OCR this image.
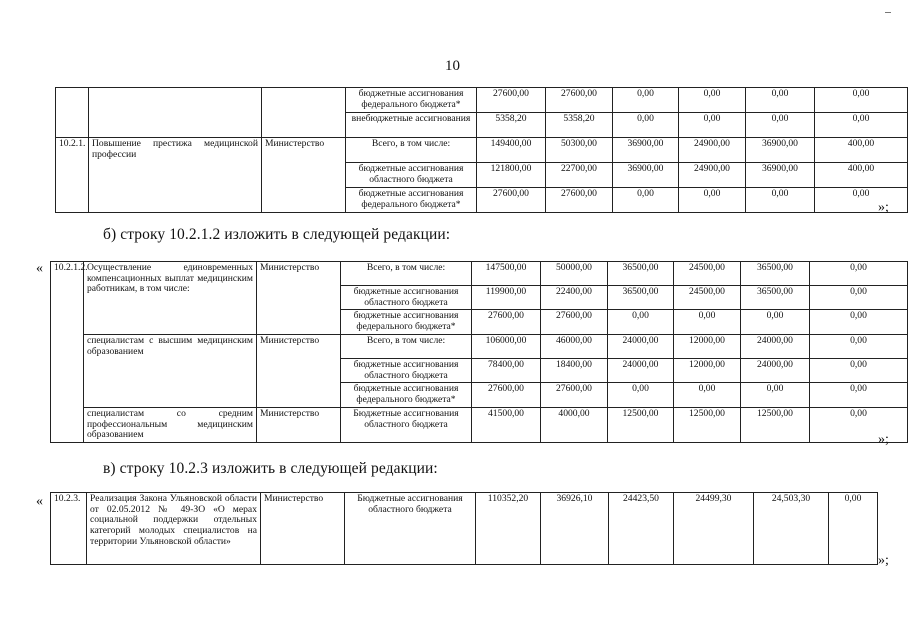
10
			бюджетные ассигнования федерального бюджета*	27600,00	27600,00	0,00	0,00	0,00	0,00
			внебюджетные ассигнования	5358,20	5358,20	0,00	0,00	0,00	0,00
10.2.1.	Повышение престижа медицинской профессии	Министерство	Всего, в том числе:	149400,00	50300,00	36900,00	24900,00	36900,00	400,00
			бюджетные ассигнования областного бюджета	121800,00	22700,00	36900,00	24900,00	36900,00	400,00
			бюджетные ассигнования федерального бюджета*	27600,00	27600,00	0,00	0,00	0,00	0,00
»;
б) строку 10.2.1.2 изложить в следующей редакции:
« 10.2.1.2.	Осуществление единовременных компенсационных выплат медицинским работникам, в том числе:	Министерство	Всего, в том числе:	147500,00	50000,00	36500,00	24500,00	36500,00	0,00
			бюджетные ассигнования областного бюджета	119900,00	22400,00	36500,00	24500,00	36500,00	0,00
			бюджетные ассигнования федерального бюджета*	27600,00	27600,00	0,00	0,00	0,00	0,00
	специалистам с высшим медицинским образованием	Министерство	Всего, в том числе:	106000,00	46000,00	24000,00	12000,00	24000,00	0,00
			бюджетные ассигнования областного бюджета	78400,00	18400,00	24000,00	12000,00	24000,00	0,00
			бюджетные ассигнования федерального бюджета*	27600,00	27600,00	0,00	0,00	0,00	0,00
	специалистам со средним профессиональным медицинским образованием	Министерство	Бюджетные ассигнования областного бюджета	41500,00	4000,00	12500,00	12500,00	12500,00	0,00
»;
в) строку 10.2.3 изложить в следующей редакции:
« 10.2.3.	Реализация Закона Ульяновской области от 02.05.2012 № 49-ЗО «О мерах социальной поддержки отдельных категорий молодых специалистов на территории Ульяновской области»	Министерство	Бюджетные ассигнования областного бюджета	110352,20	36926,10	24423,50	24499,30	24,503,30	0,00
»;
